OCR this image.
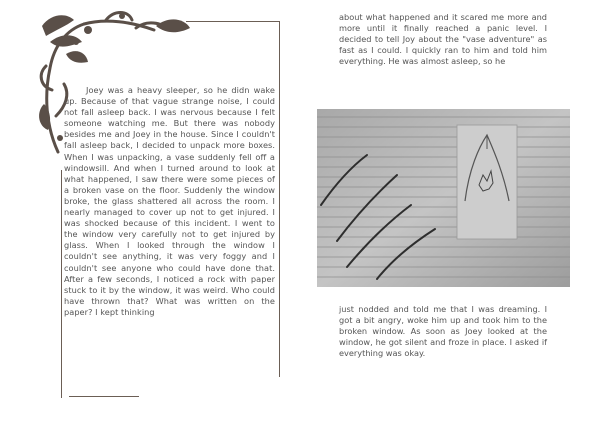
Joey was a heavy sleeper, so he didn wake up. Because of that vague strange noise, I could not fall asleep back. I was nervous because I felt someone watching me. But there was nobody besides me and Joey in the house. Since I couldn't fall asleep back, I decided to unpack more boxes. When I was unpacking, a vase suddenly fell off a windowsill. And when I turned around to look at what happened, I saw there were some pieces of a broken vase on the floor. Suddenly the window broke, the glass shattered all across the room. I nearly managed to cover up not to get injured. I was shocked because of this incident. I went to the window very carefully not to get injured by glass. When I looked through the window I couldn't see anything, it was very foggy and I couldn't see anyone who could have done that. After a few seconds, I noticed a rock with paper stuck to it by the window, it was weird. Who could have thrown that? What was written on the paper? I kept thinking

about what happened and it scared me more and more until it finally reached a panic level. I decided to tell Joy about the "vase adventure" as fast as I could. I quickly ran to him and told him everything. He was almost asleep, so he

just nodded and told me that I was dreaming. I got a bit angry, woke him up and took him to the broken window. As soon as Joey looked at the window, he got silent and froze in place. I asked if everything was okay.
